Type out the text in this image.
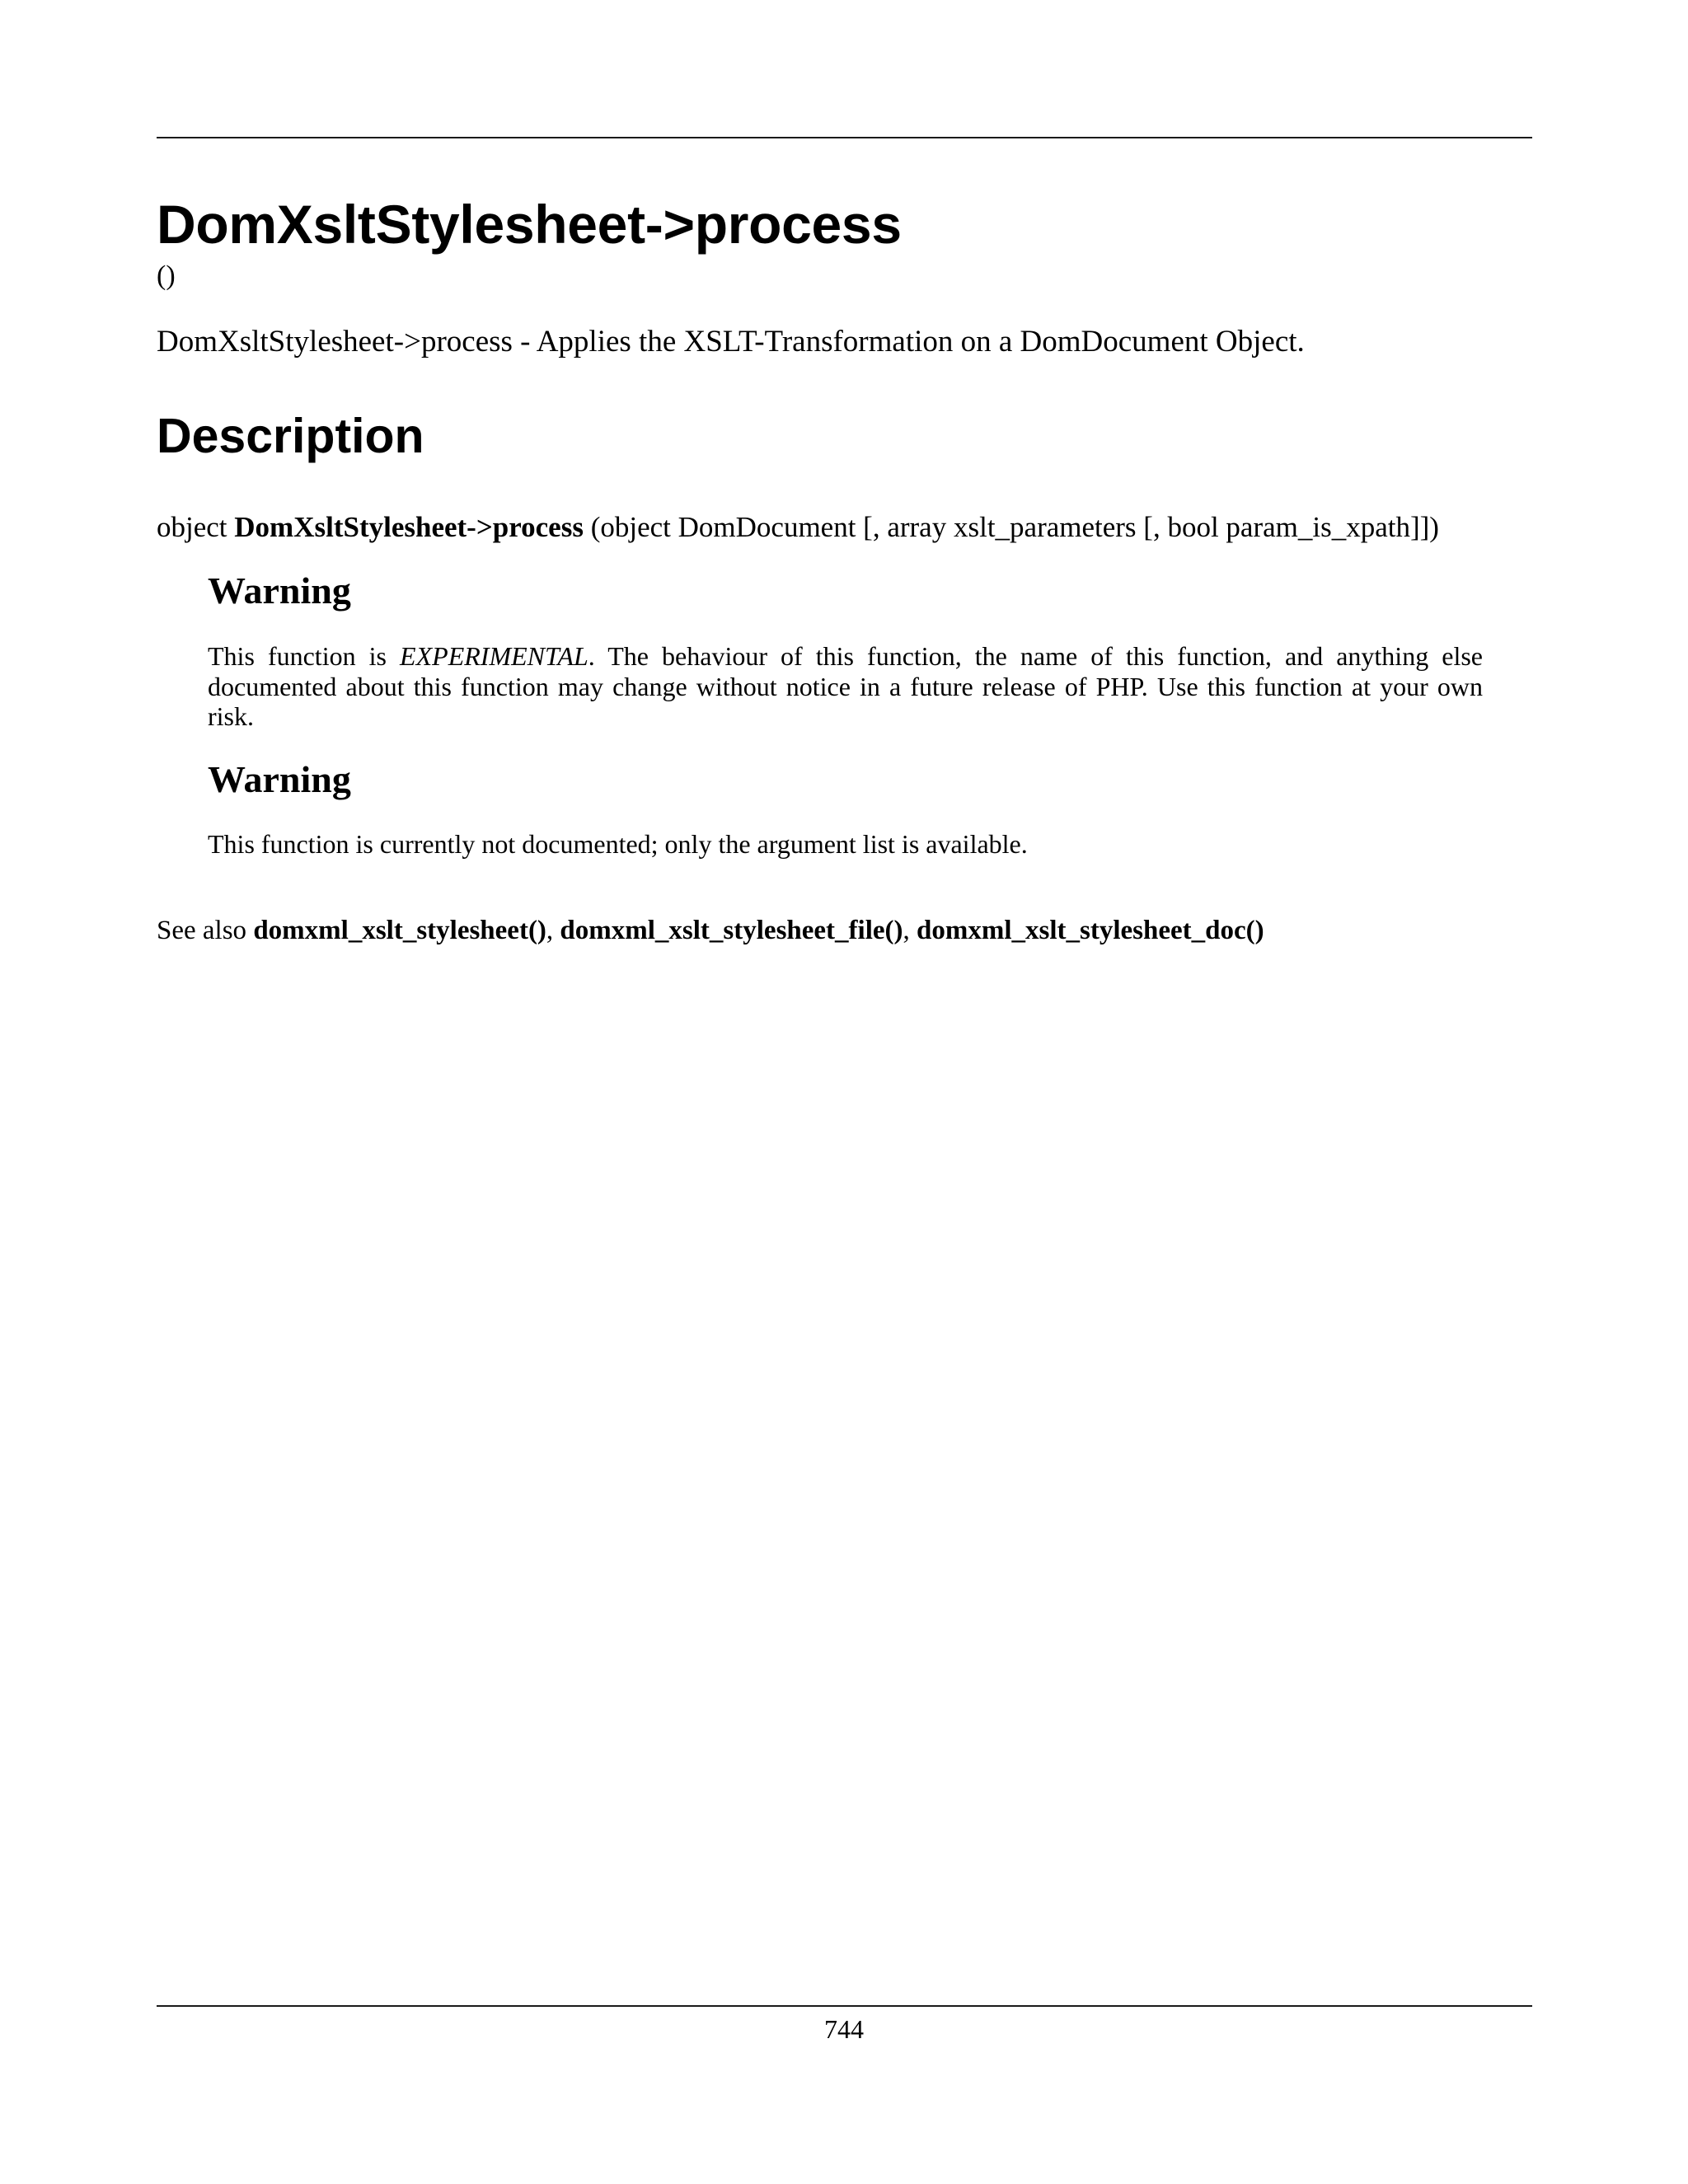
DomXsltStylesheet->process
()
DomXsltStylesheet->process - Applies the XSLT-Transformation on a DomDocument Object.
Description
object DomXsltStylesheet->process (object DomDocument [, array xslt_parameters [, bool param_is_xpath]])
Warning
This function is EXPERIMENTAL. The behaviour of this function, the name of this function, and anything else documented about this function may change without notice in a future release of PHP. Use this function at your own risk.
Warning
This function is currently not documented; only the argument list is available.
See also domxml_xslt_stylesheet(), domxml_xslt_stylesheet_file(), domxml_xslt_stylesheet_doc()
744
